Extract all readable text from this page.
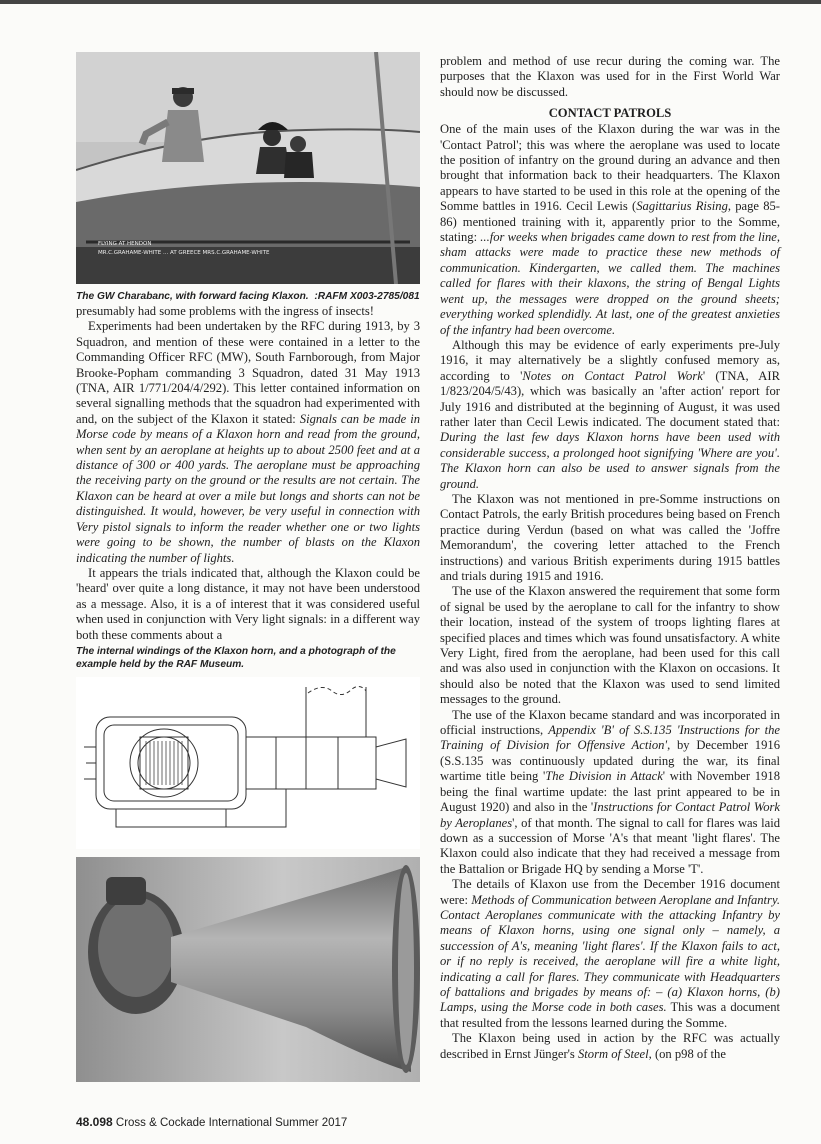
FLYING AT HENDON
MR.C.GRAHAME-WHITE ... AT GREECE MRS.C.GRAHAME-WHITE
The GW Charabanc, with forward facing Klaxon. :RAFM X003-2785/081

presumably had some problems with the ingress of insects!

Experiments had been undertaken by the RFC during 1913, by 3 Squadron, and mention of these were contained in a letter to the Commanding Officer RFC (MW), South Farnborough, from Major Brooke-Popham commanding 3 Squadron, dated 31 May 1913 (TNA, AIR 1/771/204/4/292). This letter contained information on several signalling methods that the squadron had experimented with and, on the subject of the Klaxon it stated: Signals can be made in Morse code by means of a Klaxon horn and read from the ground, when sent by an aeroplane at heights up to about 2500 feet and at a distance of 300 or 400 yards. The aeroplane must be approaching the receiving party on the ground or the results are not certain. The Klaxon can be heard at over a mile but longs and shorts can not be distinguished. It would, however, be very useful in connection with Very pistol signals to inform the reader whether one or two lights were going to be shown, the number of blasts on the Klaxon indicating the number of lights.

It appears the trials indicated that, although the Klaxon could be 'heard' over quite a long distance, it may not have been understood as a message. Also, it is a of interest that it was considered useful when used in conjunction with Very light signals: in a different way both these comments about a

The internal windings of the Klaxon horn, and a photograph of the example held by the RAF Museum.

problem and method of use recur during the coming war. The purposes that the Klaxon was used for in the First World War should now be discussed.

CONTACT PATROLS

One of the main uses of the Klaxon during the war was in the 'Contact Patrol'; this was where the aeroplane was used to locate the position of infantry on the ground during an advance and then brought that information back to their headquarters. The Klaxon appears to have started to be used in this role at the opening of the Somme battles in 1916. Cecil Lewis (Sagittarius Rising, page 85-86) mentioned training with it, apparently prior to the Somme, stating: ...for weeks when brigades came down to rest from the line, sham attacks were made to practice these new methods of communication. Kindergarten, we called them. The machines called for flares with their klaxons, the string of Bengal Lights went up, the messages were dropped on the ground sheets; everything worked splendidly. At last, one of the greatest anxieties of the infantry had been overcome.

Although this may be evidence of early experiments pre-July 1916, it may alternatively be a slightly confused memory as, according to 'Notes on Contact Patrol Work' (TNA, AIR 1/823/204/5/43), which was basically an 'after action' report for July 1916 and distributed at the beginning of August, it was used rather later than Cecil Lewis indicated. The document stated that: During the last few days Klaxon horns have been used with considerable success, a prolonged hoot signifying 'Where are you'. The Klaxon horn can also be used to answer signals from the ground.

The Klaxon was not mentioned in pre-Somme instructions on Contact Patrols, the early British procedures being based on French practice during Verdun (based on what was called the 'Joffre Memorandum', the covering letter attached to the French instructions) and various British experiments during 1915 battles and trials during 1915 and 1916.

The use of the Klaxon answered the requirement that some form of signal be used by the aeroplane to call for the infantry to show their location, instead of the system of troops lighting flares at specified places and times which was found unsatisfactory. A white Very Light, fired from the aeroplane, had been used for this call and was also used in conjunction with the Klaxon on occasions. It should also be noted that the Klaxon was used to send limited messages to the ground.

The use of the Klaxon became standard and was incorporated in official instructions, Appendix 'B' of S.S.135 'Instructions for the Training of Division for Offensive Action', by December 1916 (S.S.135 was continuously updated during the war, its final wartime title being 'The Division in Attack' with November 1918 being the final wartime update: the last print appeared to be in August 1920) and also in the 'Instructions for Contact Patrol Work by Aeroplanes', of that month. The signal to call for flares was laid down as a succession of Morse 'A's that meant 'light flares'. The Klaxon could also indicate that they had received a message from the Battalion or Brigade HQ by sending a Morse 'T'.

The details of Klaxon use from the December 1916 document were: Methods of Communication between Aeroplane and Infantry. Contact Aeroplanes communicate with the attacking Infantry by means of Klaxon horns, using one signal only – namely, a succession of A's, meaning 'light flares'. If the Klaxon fails to act, or if no reply is received, the aeroplane will fire a white light, indicating a call for flares. They communicate with Headquarters of battalions and brigades by means of: – (a) Klaxon horns, (b) Lamps, using the Morse code in both cases. This was a document that resulted from the lessons learned during the Somme.

The Klaxon being used in action by the RFC was actually described in Ernst Jünger's Storm of Steel, (on p98 of the

48.098 Cross & Cockade International Summer 2017
